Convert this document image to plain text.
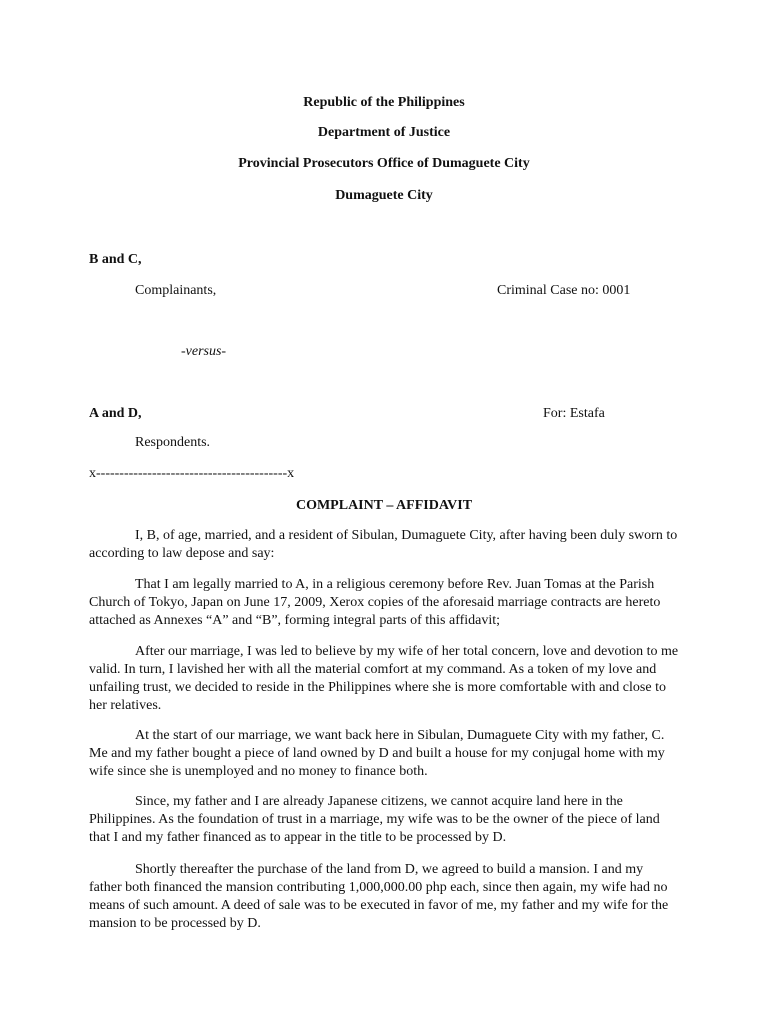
Republic of the Philippines
Department of Justice
Provincial Prosecutors Office of Dumaguete City
Dumaguete City
B and C,
Complainants,	Criminal Case no: 0001
-versus-
A and D,	For: Estafa
Respondents.
x-----------------------------------------x
COMPLAINT – AFFIDAVIT
I, B, of age, married, and a resident of Sibulan, Dumaguete City, after having been duly sworn to according to law depose and say:
That I am legally married to A, in a religious ceremony before Rev. Juan Tomas at the Parish Church of Tokyo, Japan on June 17, 2009, Xerox copies of the aforesaid marriage contracts are hereto attached as Annexes “A” and “B”, forming integral parts of this affidavit;
After our marriage, I was led to believe by my wife of her total concern, love and devotion to me valid. In turn, I lavished her with all the material comfort at my command. As a token of my love and unfailing trust, we decided to reside in the Philippines where she is more comfortable with and close to her relatives.
At the start of our marriage, we want back here in Sibulan, Dumaguete City with my father, C. Me and my father bought a piece of land owned by D and built a house for my conjugal home with my wife since she is unemployed and no money to finance both.
Since, my father and I are already Japanese citizens, we cannot acquire land here in the Philippines. As the foundation of trust in a marriage, my wife was to be the owner of the piece of land that I and my father financed as to appear in the title to be processed by D.
Shortly thereafter the purchase of the land from D, we agreed to build a mansion. I and my father both financed the mansion contributing 1,000,000.00 php each, since then again, my wife had no means of such amount. A deed of sale was to be executed in favor of me, my father and my wife for the mansion to be processed by D.
